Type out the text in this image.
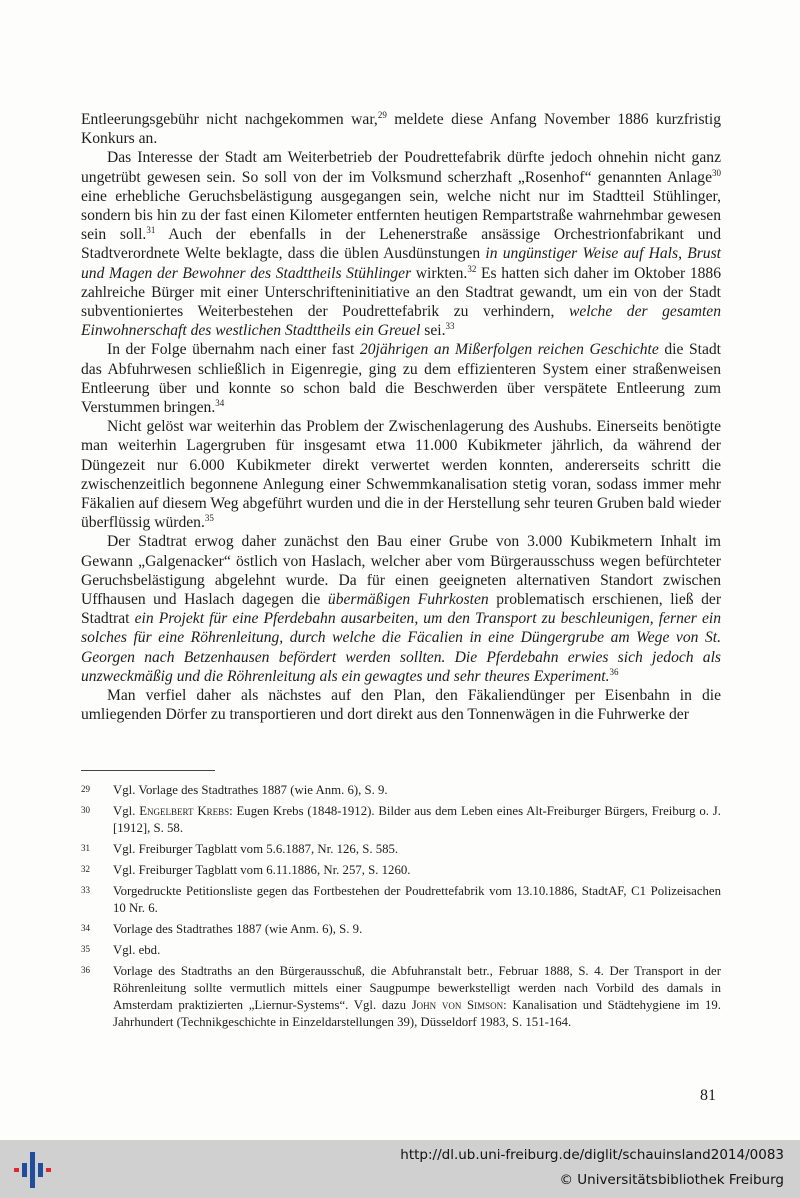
Entleerungsgebühr nicht nachgekommen war,$^{29}$ meldete diese Anfang November 1886 kurzfristig Konkurs an.

Das Interesse der Stadt am Weiterbetrieb der Poudrettefabrik dürfte jedoch ohnehin nicht ganz ungetrübt gewesen sein. So soll von der im Volksmund scherzhaft „Rosenhof“ genannten Anlage$^{30}$ eine erhebliche Geruchsbelästigung ausgegangen sein, welche nicht nur im Stadtteil Stühlinger, sondern bis hin zu der fast einen Kilometer entfernten heutigen Rempartstraße wahrnehmbar gewesen sein soll.$^{31}$ Auch der ebenfalls in der Lehenerstraße ansässige Orchestrionfabrikant und Stadtverordnete Welte beklagte, dass die üblen Ausdünstungen in ungünstiger Weise auf Hals, Brust und Magen der Bewohner des Stadttheils Stühlinger wirkten.$^{32}$ Es hatten sich daher im Oktober 1886 zahlreiche Bürger mit einer Unterschrifteninitiative an den Stadtrat gewandt, um ein von der Stadt subventioniertes Weiterbestehen der Poudrettefabrik zu verhindern, welche der gesamten Einwohnerschaft des westlichen Stadttheils ein Greuel sei.$^{33}$

In der Folge übernahm nach einer fast 20jährigen an Mißerfolgen reichen Geschichte die Stadt das Abfuhrwesen schließlich in Eigenregie, ging zu dem effizienteren System einer straßenweisen Entleerung über und konnte so schon bald die Beschwerden über verspätete Entleerung zum Verstummen bringen.$^{34}$

Nicht gelöst war weiterhin das Problem der Zwischenlagerung des Aushubs. Einerseits benötigte man weiterhin Lagergruben für insgesamt etwa 11.000 Kubikmeter jährlich, da während der Düngezeit nur 6.000 Kubikmeter direkt verwertet werden konnten, andererseits schritt die zwischenzeitlich begonnene Anlegung einer Schwemmkanalisation stetig voran, sodass immer mehr Fäkalien auf diesem Weg abgeführt wurden und die in der Herstellung sehr teuren Gruben bald wieder überflüssig würden.$^{35}$

Der Stadtrat erwog daher zunächst den Bau einer Grube von 3.000 Kubikmetern Inhalt im Gewann „Galgenacker“ östlich von Haslach, welcher aber vom Bürgerausschuss wegen befürchteter Geruchsbelästigung abgelehnt wurde. Da für einen geeigneten alternativen Standort zwischen Uffhausen und Haslach dagegen die übermäßigen Fuhrkosten problematisch erschienen, ließ der Stadtrat ein Projekt für eine Pferdebahn ausarbeiten, um den Transport zu beschleunigen, ferner ein solches für eine Röhrenleitung, durch welche die Fäcalien in eine Düngergrube am Wege von St. Georgen nach Betzenhausen befördert werden sollten. Die Pferdebahn erwies sich jedoch als unzweckmäßig und die Röhrenleitung als ein gewagtes und sehr theures Experiment.$^{36}$

Man verfiel daher als nächstes auf den Plan, den Fäkaliendünger per Eisenbahn in die umliegenden Dörfer zu transportieren und dort direkt aus den Tonnenwägen in die Fuhrwerke der

29 Vgl. Vorlage des Stadtrathes 1887 (wie Anm. 6), S. 9.
30 Vgl. Engelbert Krebs: Eugen Krebs (1848-1912). Bilder aus dem Leben eines Alt-Freiburger Bürgers, Freiburg o. J. [1912], S. 58.
31 Vgl. Freiburger Tagblatt vom 5.6.1887, Nr. 126, S. 585.
32 Vgl. Freiburger Tagblatt vom 6.11.1886, Nr. 257, S. 1260.
33 Vorgedruckte Petitionsliste gegen das Fortbestehen der Poudrettefabrik vom 13.10.1886, StadtAF, C1 Polizeisachen 10 Nr. 6.
34 Vorlage des Stadtrathes 1887 (wie Anm. 6), S. 9.
35 Vgl. ebd.
36 Vorlage des Stadtraths an den Bürgerausschuß, die Abfuhranstalt betr., Februar 1888, S. 4. Der Transport in der Röhrenleitung sollte vermutlich mittels einer Saugpumpe bewerkstelligt werden nach Vorbild des damals in Amsterdam praktizierten „Liernur-Systems“. Vgl. dazu John von Simson: Kanalisation und Städtehygiene im 19. Jahrhundert (Technikgeschichte in Einzeldarstellungen 39), Düsseldorf 1983, S. 151-164.
81
http://dl.ub.uni-freiburg.de/diglit/schauinsland2014/0083
© Universitätsbibliothek Freiburg
